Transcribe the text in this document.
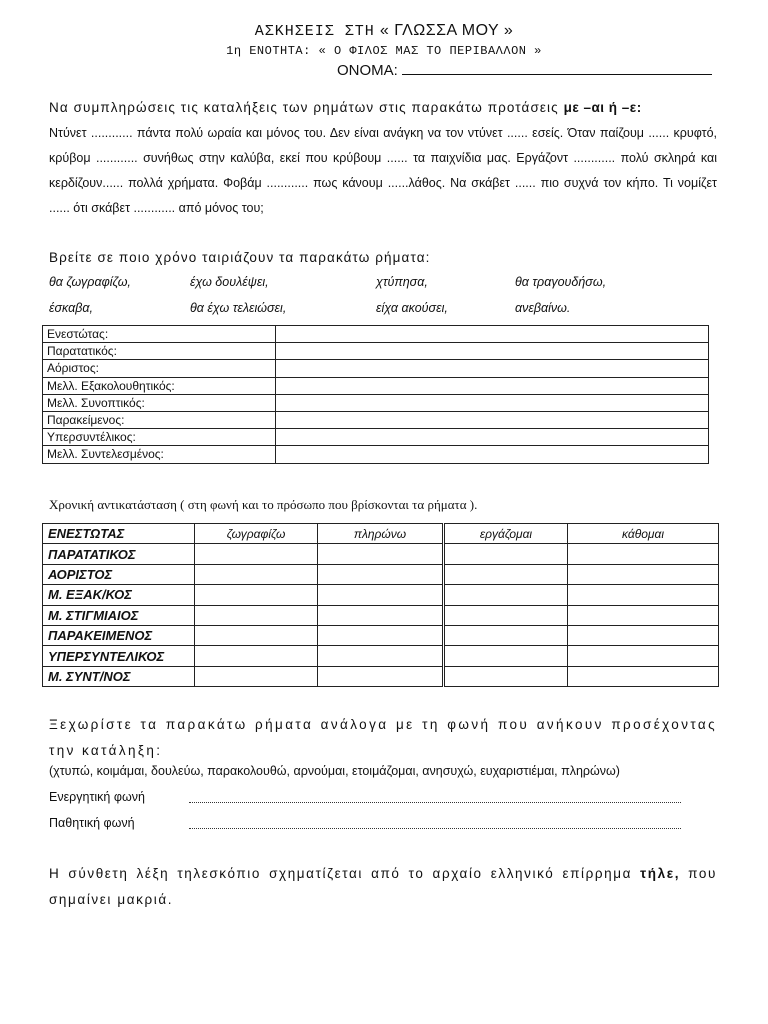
ΑΣΚΗΣΕΙΣ ΣΤΗ « ΓΛΩΣΣΑ ΜΟΥ »
1η ΕΝΟΤΗΤΑ: « Ο ΦΙΛΟΣ ΜΑΣ ΤΟ ΠΕΡΙΒΑΛΛΟΝ »
ΟΝΟΜΑ:
Να συμπληρώσεις τις καταλήξεις των ρημάτων στις παρακάτω προτάσεις με –αι ή –ε:
Ντύνετ ............ πάντα πολύ ωραία και μόνος του. Δεν είναι ανάγκη να τον ντύνετ ...... εσείς. Όταν παίζουμ ...... κρυφτό, κρύβομ ............ συνήθως στην καλύβα, εκεί που κρύβουμ ...... τα παιχνίδια μας. Εργάζοντ ............ πολύ σκληρά και κερδίζουν...... πολλά χρήματα. Φοβάμ ............ πως κάνουμ ......λάθος. Να σκάβετ ...... πιο συχνά τον κήπο. Τι νομίζετ ...... ότι σκάβετ ............ από μόνος του;
Βρείτε σε ποιο χρόνο ταιριάζουν τα παρακάτω ρήματα:
θα ζωγραφίζω,	έχω δουλέψει,	χτύπησα,	θα τραγουδήσω,
έσκαβα,	θα έχω τελειώσει,	είχα ακούσει,	ανεβαίνω.
Ενεστώτας:	
Παρατατικός:	
Αόριστος:	
Μελλ. Εξακολουθητικός:	
Μελλ. Συνοπτικός:	
Παρακείμενος:	
Υπερσυντέλικος:	
Μελλ. Συντελεσμένος:	
Χρονική αντικατάσταση ( στη φωνή και το πρόσωπο που βρίσκονται τα ρήματα ).
ΕΝΕΣΤΩΤΑΣ	ζωγραφίζω	πληρώνω	εργάζομαι	κάθομαι
ΠΑΡΑΤΑΤΙΚΟΣ				
ΑΟΡΙΣΤΟΣ				
Μ. ΕΞΑΚ/ΚΟΣ				
Μ. ΣΤΙΓΜΙΑΙΟΣ				
ΠΑΡΑΚΕΙΜΕΝΟΣ				
ΥΠΕΡΣΥΝΤΕΛΙΚΟΣ				
Μ. ΣΥΝΤ/ΝΟΣ				
Ξεχωρίστε τα παρακάτω ρήματα ανάλογα με τη φωνή που ανήκουν προσέχοντας την κατάληξη:
(χτυπώ, κοιμάμαι, δουλεύω, παρακολουθώ, αρνούμαι, ετοιμάζομαι, ανησυχώ, ευχαριστιέμαι, πληρώνω)
Ενεργητική φωνή
Παθητική φωνή
Η σύνθετη λέξη τηλεσκόπιο σχηματίζεται από το αρχαίο ελληνικό επίρρημα τήλε, που σημαίνει μακριά.
